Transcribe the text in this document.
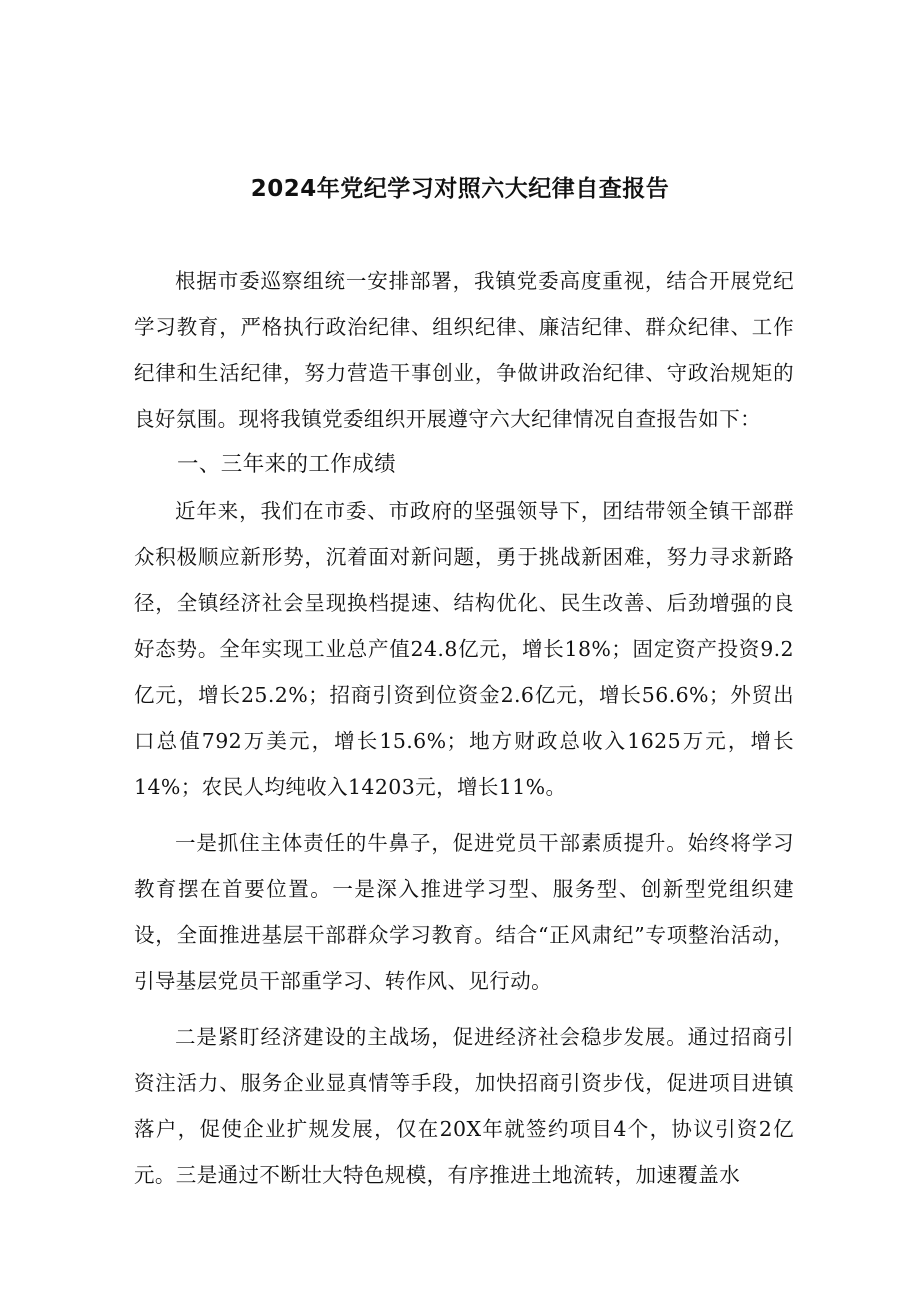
2024年党纪学习对照六大纪律自查报告

根据市委巡察组统一安排部署，我镇党委高度重视，结合开展党纪学习教育，严格执行政治纪律、组织纪律、廉洁纪律、群众纪律、工作纪律和生活纪律，努力营造干事创业，争做讲政治纪律、守政治规矩的良好氛围。现将我镇党委组织开展遵守六大纪律情况自查报告如下：

一、三年来的工作成绩

近年来，我们在市委、市政府的坚强领导下，团结带领全镇干部群众积极顺应新形势，沉着面对新问题，勇于挑战新困难，努力寻求新路径，全镇经济社会呈现换档提速、结构优化、民生改善、后劲增强的良好态势。全年实现工业总产值24.8亿元，增长18%；固定资产投资9.2亿元，增长25.2%；招商引资到位资金2.6亿元，增长56.6%；外贸出口总值792万美元，增长15.6%；地方财政总收入1625万元，增长14%；农民人均纯收入14203元，增长11%。

一是抓住主体责任的牛鼻子，促进党员干部素质提升。始终将学习教育摆在首要位置。一是深入推进学习型、服务型、创新型党组织建设，全面推进基层干部群众学习教育。结合“正风肃纪”专项整治活动，引导基层党员干部重学习、转作风、见行动。

二是紧盯经济建设的主战场，促进经济社会稳步发展。通过招商引资注活力、服务企业显真情等手段，加快招商引资步伐，促进项目进镇落户，促使企业扩规发展，仅在20X年就签约项目4个，协议引资2亿元。三是通过不断壮大特色规模，有序推进土地流转，加速覆盖水
